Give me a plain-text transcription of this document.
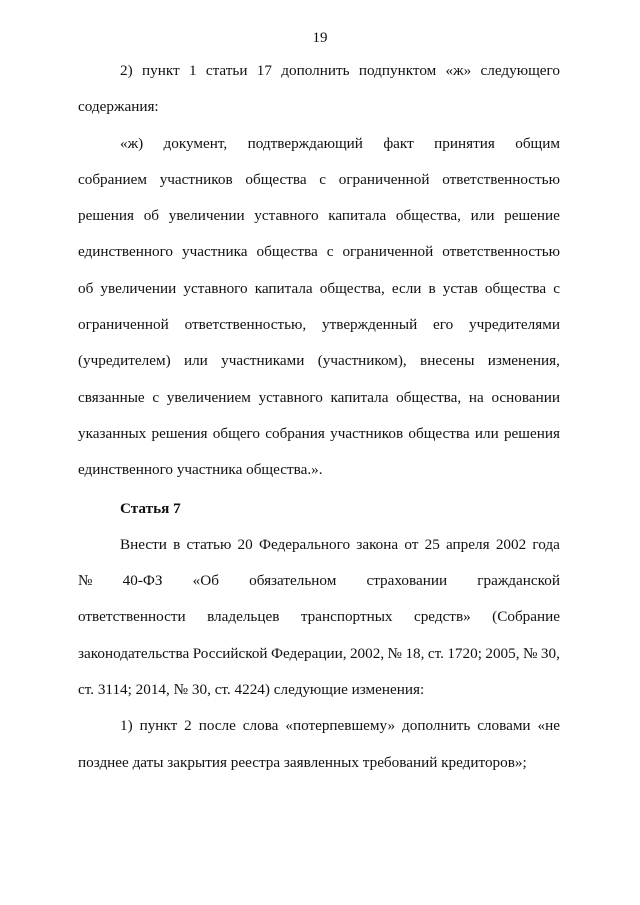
19
2) пункт 1 статьи 17 дополнить подпунктом «ж» следующего
содержания:
«ж) документ, подтверждающий факт принятия общим
собранием участников общества с ограниченной ответственностью
решения об увеличении уставного капитала общества, или решение
единственного участника общества с ограниченной ответственностью
об увеличении уставного капитала общества, если в устав общества с
ограниченной ответственностью, утвержденный его учредителями
(учредителем) или участниками (участником), внесены изменения,
связанные с увеличением уставного капитала общества, на основании
указанных решения общего собрания участников общества или решения
единственного участника общества.».
Статья 7
Внести в статью 20 Федерального закона от 25 апреля 2002 года
№ 40-ФЗ «Об обязательном страховании гражданской
ответственности владельцев транспортных средств» (Собрание
законодательства Российской Федерации, 2002, № 18, ст. 1720; 2005, № 30,
ст. 3114; 2014, № 30, ст. 4224) следующие изменения:
1) пункт 2 после слова «потерпевшему» дополнить словами «не
позднее даты закрытия реестра заявленных требований кредиторов»;
